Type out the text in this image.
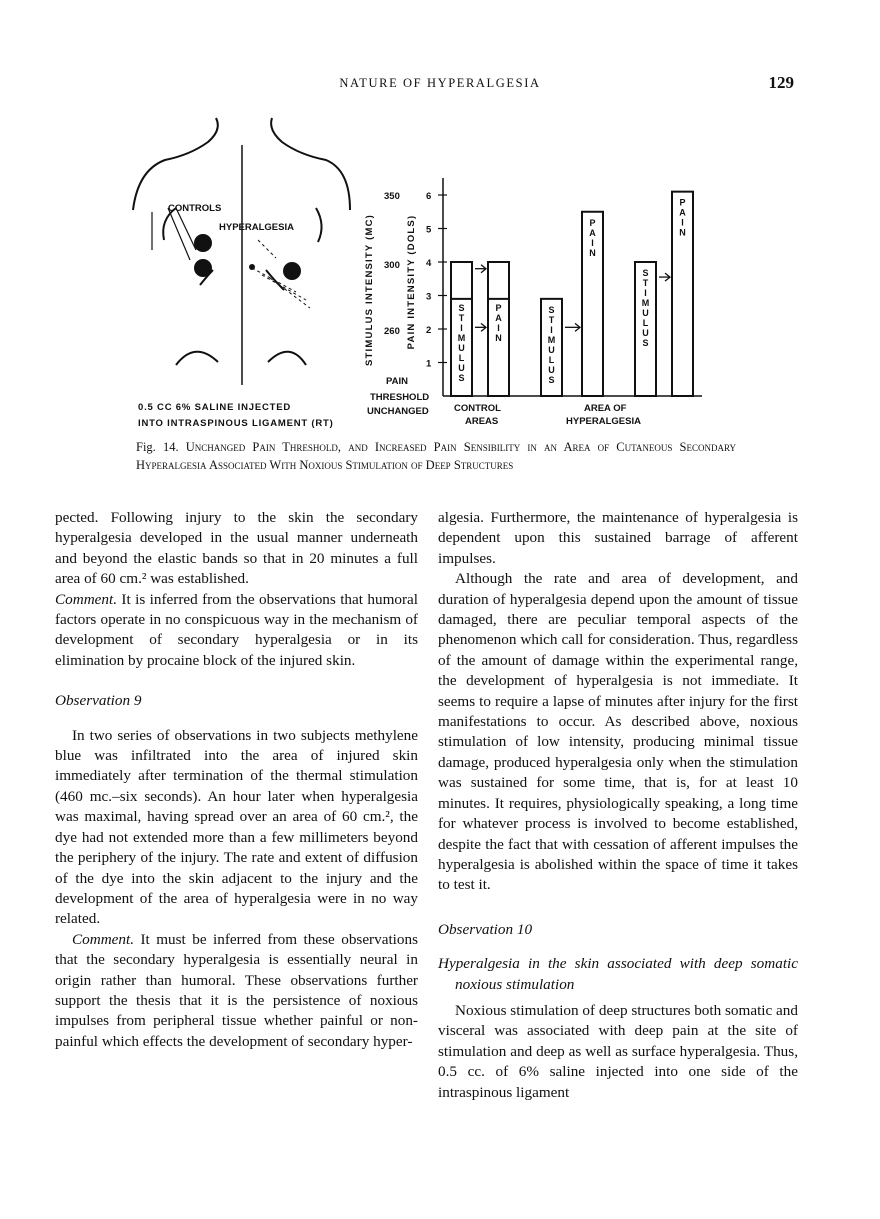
NATURE OF HYPERALGESIA	129
CONTROLS
HYPERALGESIA
0.5 CC 6% SALINE INJECTED
INTO INTRASPINOUS LIGAMENT (RT)
STIMULUS INTENSITY (MC)	PAIN INTENSITY (DOLS)
350
300
260
PAIN
THRESHOLD
UNCHANGED
6
5
4
3
2
1
S
T
I
M
U
L
U
S
P
A
I
N
S
T
I
M
U
L
U
S
P
A
I
N
S
T
I
M
U
L
U
S
P
A
I
N
CONTROL
AREAS
AREA OF
HYPERALGESIA
Fig. 14. Unchanged Pain Threshold, and Increased Pain Sensibility in an Area of Cutaneous Secondary Hyperalgesia Associated With Noxious Stimulation of Deep Structures

pected. Following injury to the skin the secondary hyperalgesia developed in the usual manner underneath and beyond the elastic bands so that in 20 minutes a full area of 60 cm.² was established.

Comment. It is inferred from the observations that humoral factors operate in no conspicuous way in the mechanism of development of secondary hyperalgesia or in its elimination by procaine block of the injured skin.

Observation 9

In two series of observations in two subjects methylene blue was infiltrated into the area of injured skin immediately after termination of the thermal stimulation (460 mc.–six seconds). An hour later when hyperalgesia was maximal, having spread over an area of 60 cm.², the dye had not extended more than a few millimeters beyond the periphery of the injury. The rate and extent of diffusion of the dye into the skin adjacent to the injury and the development of the area of hyperalgesia were in no way related.

Comment. It must be inferred from these observations that the secondary hyperalgesia is essentially neural in origin rather than humoral. These observations further support the thesis that it is the persistence of noxious impulses from peripheral tissue whether painful or non-painful which effects the development of secondary hyper-

algesia. Furthermore, the maintenance of hyperalgesia is dependent upon this sustained barrage of afferent impulses.

Although the rate and area of development, and duration of hyperalgesia depend upon the amount of tissue damaged, there are peculiar temporal aspects of the phenomenon which call for consideration. Thus, regardless of the amount of damage within the experimental range, the development of hyperalgesia is not immediate. It seems to require a lapse of minutes after injury for the first manifestations to occur. As described above, noxious stimulation of low intensity, producing minimal tissue damage, produced hyperalgesia only when the stimulation was sustained for some time, that is, for at least 10 minutes. It requires, physiologically speaking, a long time for whatever process is involved to become established, despite the fact that with cessation of afferent impulses the hyperalgesia is abolished within the space of time it takes to test it.

Observation 10

Hyperalgesia in the skin associated with deep somatic noxious stimulation

Noxious stimulation of deep structures both somatic and visceral was associated with deep pain at the site of stimulation and deep as well as surface hyperalgesia. Thus, 0.5 cc. of 6% saline injected into one side of the intraspinous ligament
